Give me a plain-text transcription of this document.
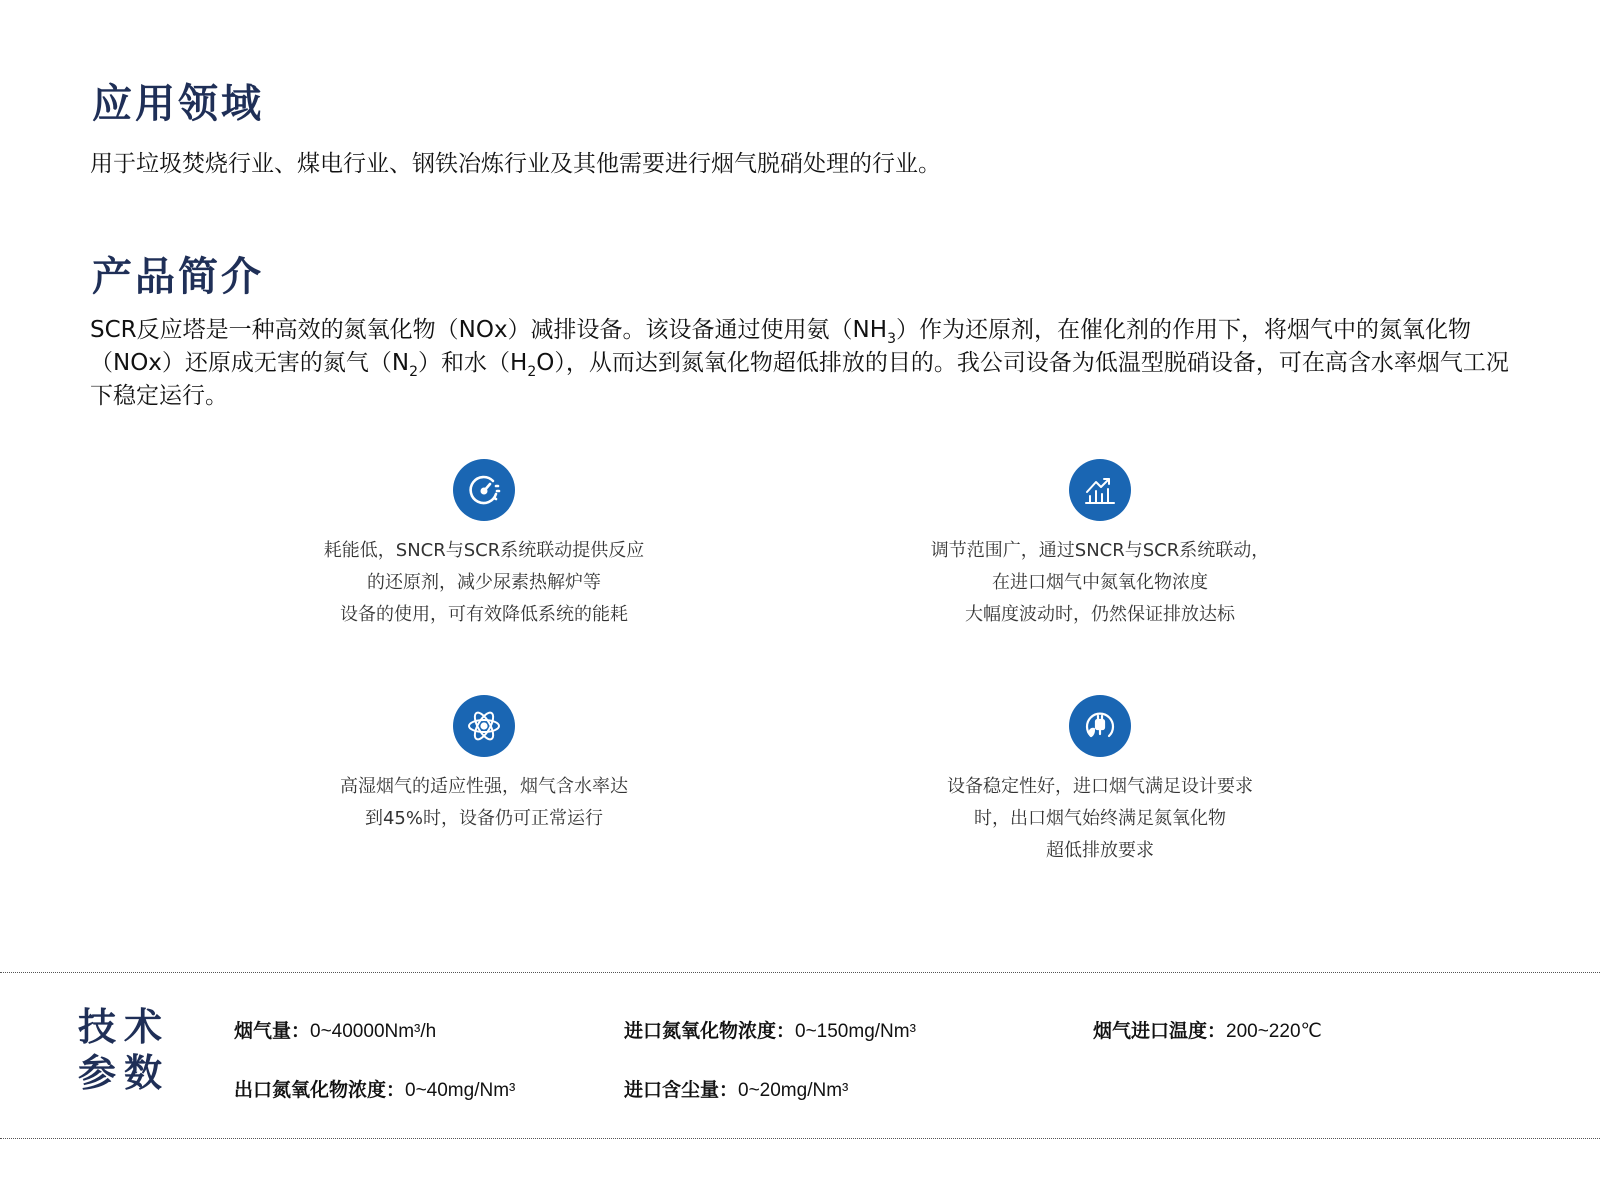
应用领域

用于垃圾焚烧行业、煤电行业、钢铁冶炼行业及其他需要进行烟气脱硝处理的行业。

产品简介

SCR反应塔是一种高效的氮氧化物（NOx）减排设备。该设备通过使用氨$(NH_3)$作为还原剂，在催化剂的作用下，将烟气中的氮氧化物（NOx）还原成无害的氮气$(N_2)$和水$(H_2O)$，从而达到氮氧化物超低排放的目的。我公司设备为低温型脱硝设备，可在高含水率烟气工况下稳定运行。

耗能低，SNCR与SCR系统联动提供反应
的还原剂，减少尿素热解炉等
设备的使用，可有效降低系统的能耗
调节范围广，通过SNCR与SCR系统联动，
在进口烟气中氮氧化物浓度
大幅度波动时，仍然保证排放达标
高湿烟气的适应性强，烟气含水率达
到45%时，设备仍可正常运行
设备稳定性好，进口烟气满足设计要求
时，出口烟气始终满足氮氧化物
超低排放要求
技术
参数
烟气量：0~40000Nm³/h	进口氮氧化物浓度：0~150mg/Nm³	烟气进口温度：200~220℃
出口氮氧化物浓度：0~40mg/Nm³	进口含尘量：0~20mg/Nm³
